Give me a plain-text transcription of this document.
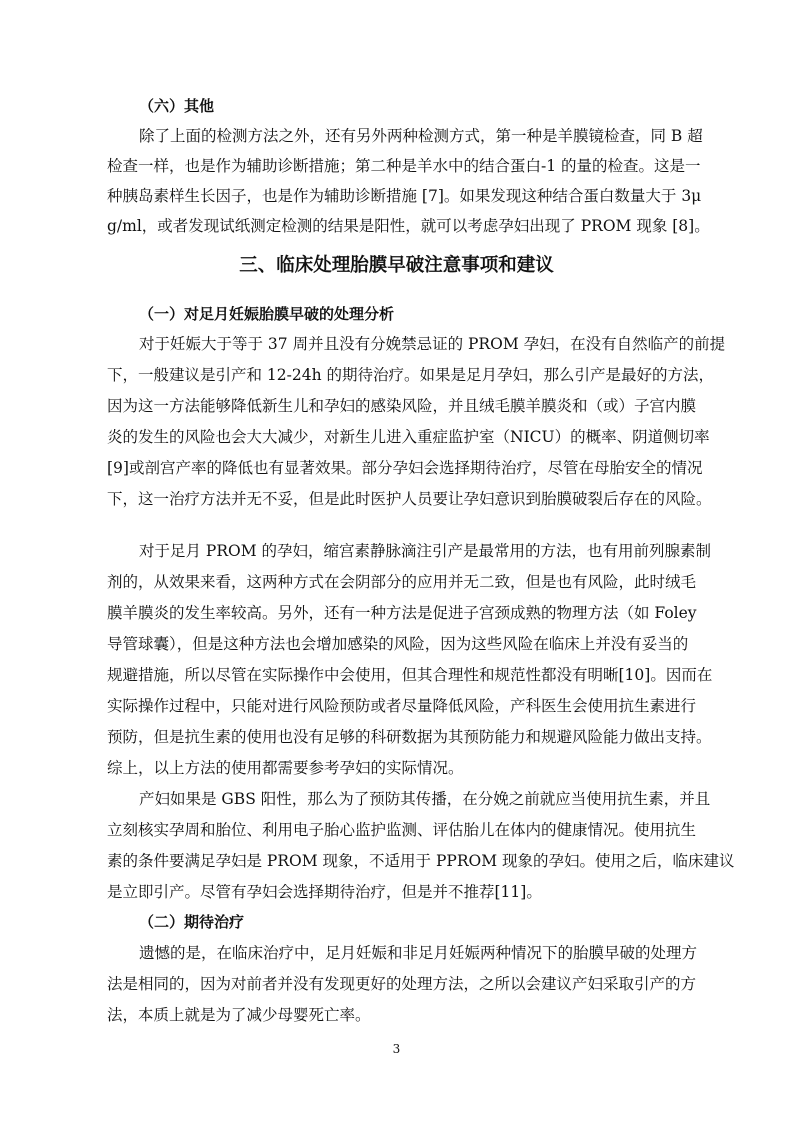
（六）其他
除了上面的检测方法之外，还有另外两种检测方式，第一种是羊膜镜检查，同 B 超
检查一样，也是作为辅助诊断措施；第二种是羊水中的结合蛋白-1 的量的检查。这是一
种胰岛素样生长因子，也是作为辅助诊断措施 [7]。如果发现这种结合蛋白数量大于 3μ
g/ml，或者发现试纸测定检测的结果是阳性，就可以考虑孕妇出现了 PROM 现象 [8]。
三、临床处理胎膜早破注意事项和建议
（一）对足月妊娠胎膜早破的处理分析
对于妊娠大于等于 37 周并且没有分娩禁忌证的 PROM 孕妇，在没有自然临产的前提
下，一般建议是引产和 12-24h 的期待治疗。如果是足月孕妇，那么引产是最好的方法，
因为这一方法能够降低新生儿和孕妇的感染风险，并且绒毛膜羊膜炎和（或）子宫内膜
炎的发生的风险也会大大减少，对新生儿进入重症监护室（NICU）的概率、阴道侧切率
[9]或剖宫产率的降低也有显著效果。部分孕妇会选择期待治疗，尽管在母胎安全的情况
下，这一治疗方法并无不妥，但是此时医护人员要让孕妇意识到胎膜破裂后存在的风险。
对于足月 PROM 的孕妇，缩宫素静脉滴注引产是最常用的方法，也有用前列腺素制
剂的，从效果来看，这两种方式在会阴部分的应用并无二致，但是也有风险，此时绒毛
膜羊膜炎的发生率较高。另外，还有一种方法是促进子宫颈成熟的物理方法（如 Foley
导管球囊），但是这种方法也会增加感染的风险，因为这些风险在临床上并没有妥当的
规避措施，所以尽管在实际操作中会使用，但其合理性和规范性都没有明晰[10]。因而在
实际操作过程中，只能对进行风险预防或者尽量降低风险，产科医生会使用抗生素进行
预防，但是抗生素的使用也没有足够的科研数据为其预防能力和规避风险能力做出支持。
综上，以上方法的使用都需要参考孕妇的实际情况。
产妇如果是 GBS 阳性，那么为了预防其传播，在分娩之前就应当使用抗生素，并且
立刻核实孕周和胎位、利用电子胎心监护监测、评估胎儿在体内的健康情况。使用抗生
素的条件要满足孕妇是 PROM 现象，不适用于 PPROM 现象的孕妇。使用之后，临床建议
是立即引产。尽管有孕妇会选择期待治疗，但是并不推荐[11]。
（二）期待治疗
遗憾的是，在临床治疗中，足月妊娠和非足月妊娠两种情况下的胎膜早破的处理方
法是相同的，因为对前者并没有发现更好的处理方法，之所以会建议产妇采取引产的方
法，本质上就是为了减少母婴死亡率。
3
